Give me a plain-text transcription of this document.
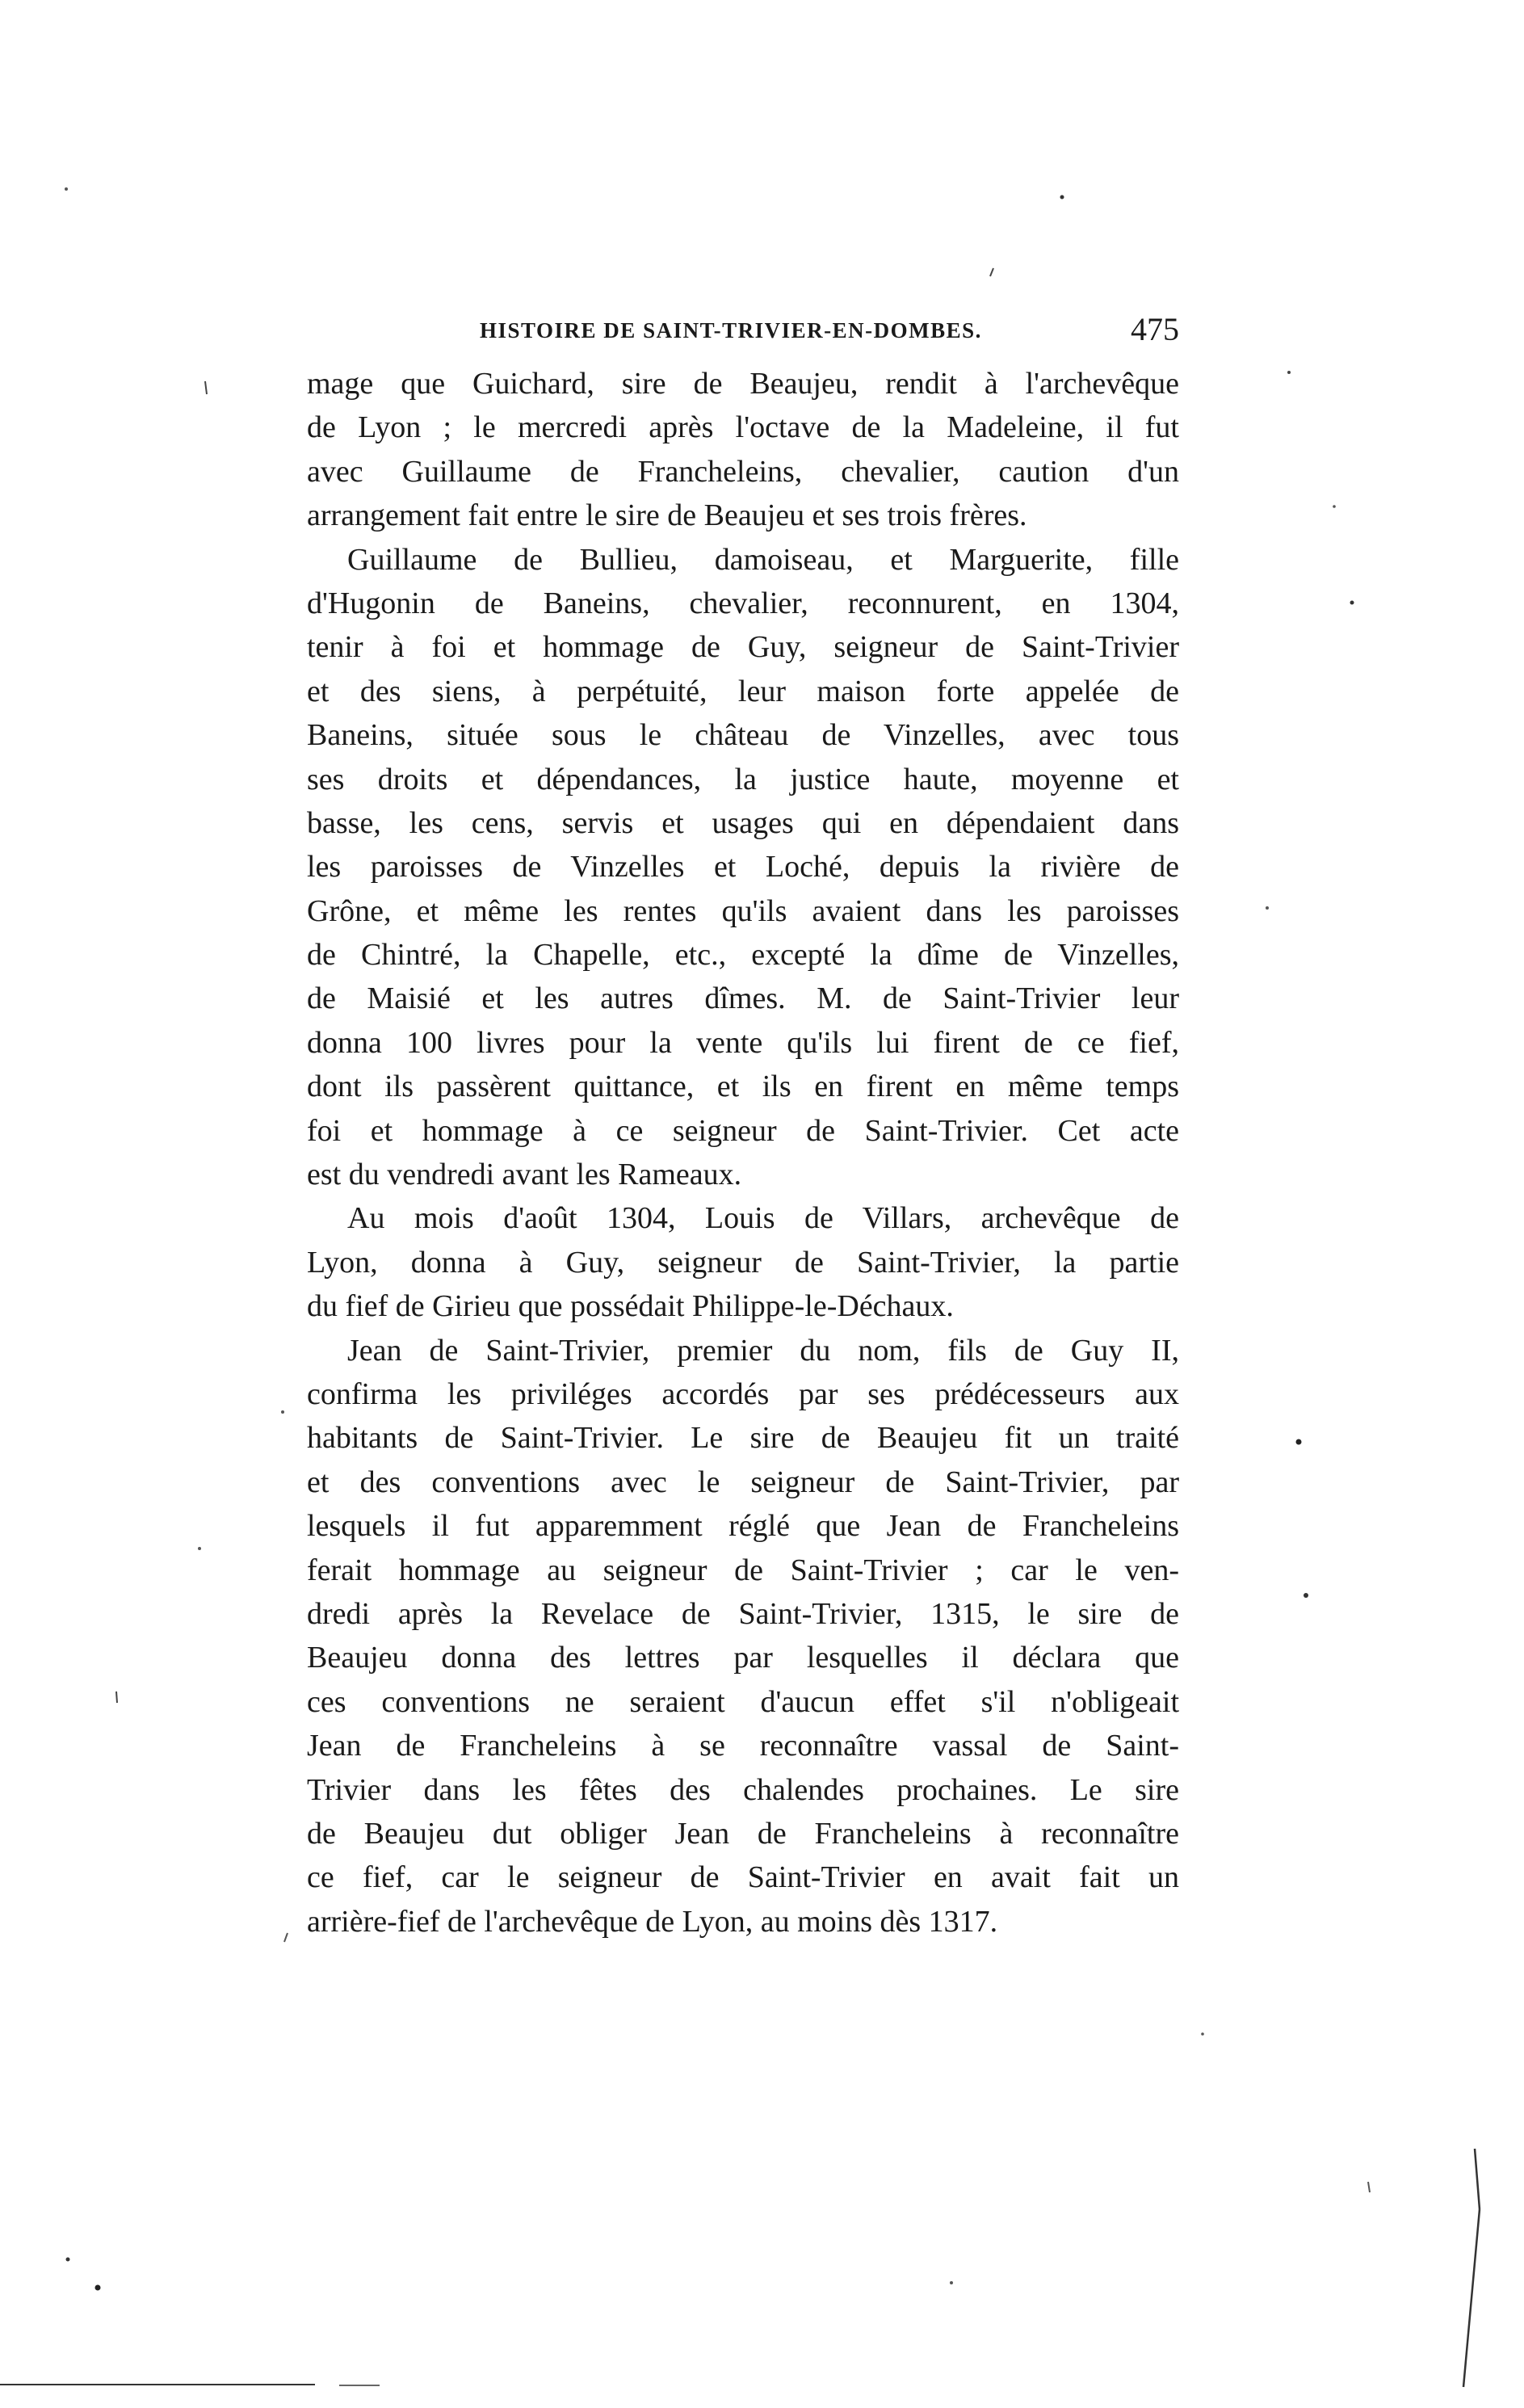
HISTOIRE DE SAINT-TRIVIER-EN-DOMBES.	475
mage que Guichard, sire de Beaujeu, rendit à l'archevêque
de Lyon ; le mercredi après l'octave de la Madeleine, il fut
avec Guillaume de Francheleins, chevalier, caution d'un
arrangement fait entre le sire de Beaujeu et ses trois frères.
Guillaume de Bullieu, damoiseau, et Marguerite, fille
d'Hugonin de Baneins, chevalier, reconnurent, en 1304,
tenir à foi et hommage de Guy, seigneur de Saint-Trivier
et des siens, à perpétuité, leur maison forte appelée de
Baneins, située sous le château de Vinzelles, avec tous
ses droits et dépendances, la justice haute, moyenne et
basse, les cens, servis et usages qui en dépendaient dans
les paroisses de Vinzelles et Loché, depuis la rivière de
Grône, et même les rentes qu'ils avaient dans les paroisses
de Chintré, la Chapelle, etc., excepté la dîme de Vinzelles,
de Maisié et les autres dîmes. M. de Saint-Trivier leur
donna 100 livres pour la vente qu'ils lui firent de ce fief,
dont ils passèrent quittance, et ils en firent en même temps
foi et hommage à ce seigneur de Saint-Trivier. Cet acte
est du vendredi avant les Rameaux.
Au mois d'août 1304, Louis de Villars, archevêque de
Lyon, donna à Guy, seigneur de Saint-Trivier, la partie
du fief de Girieu que possédait Philippe-le-Déchaux.
Jean de Saint-Trivier, premier du nom, fils de Guy II,
confirma les priviléges accordés par ses prédécesseurs aux
habitants de Saint-Trivier. Le sire de Beaujeu fit un traité
et des conventions avec le seigneur de Saint-Trivier, par
lesquels il fut apparemment réglé que Jean de Francheleins
ferait hommage au seigneur de Saint-Trivier ; car le ven-
dredi après la Revelace de Saint-Trivier, 1315, le sire de
Beaujeu donna des lettres par lesquelles il déclara que
ces conventions ne seraient d'aucun effet s'il n'obligeait
Jean de Francheleins à se reconnaître vassal de Saint-
Trivier dans les fêtes des chalendes prochaines. Le sire
de Beaujeu dut obliger Jean de Francheleins à reconnaître
ce fief, car le seigneur de Saint-Trivier en avait fait un
arrière-fief de l'archevêque de Lyon, au moins dès 1317.
